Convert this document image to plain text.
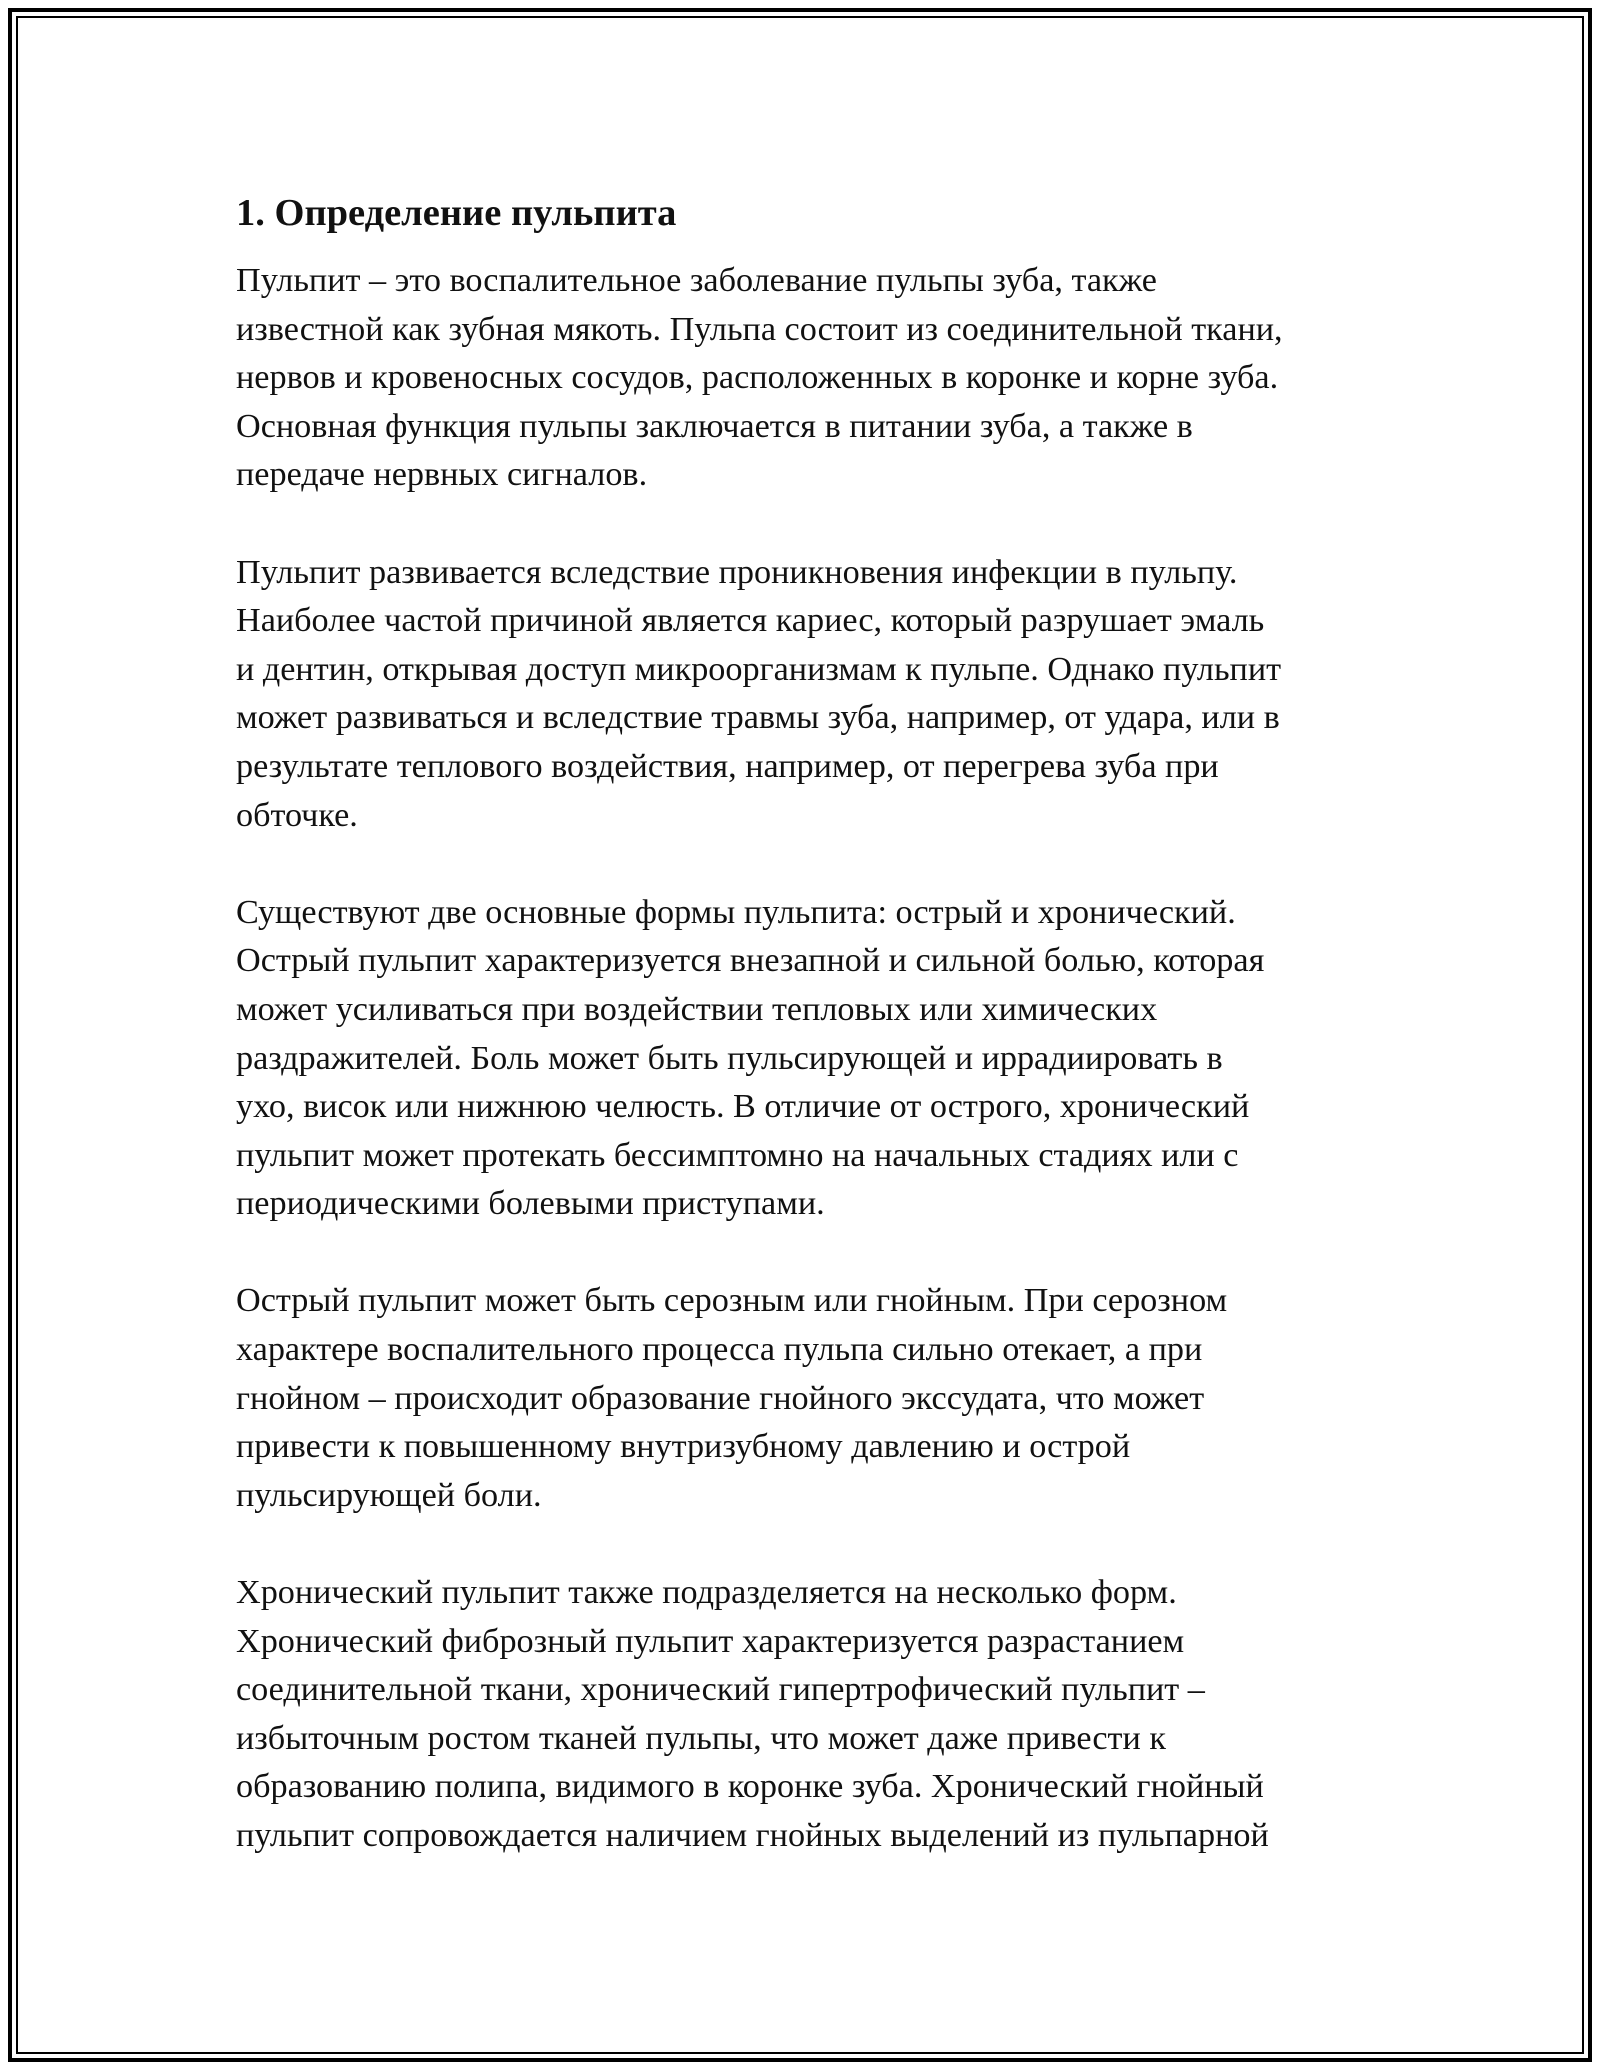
1. Определение пульпита

Пульпит – это воспалительное заболевание пульпы зуба, также
известной как зубная мякоть. Пульпа состоит из соединительной ткани,
нервов и кровеносных сосудов, расположенных в коронке и корне зуба.
Основная функция пульпы заключается в питании зуба, а также в
передаче нервных сигналов.

Пульпит развивается вследствие проникновения инфекции в пульпу.
Наиболее частой причиной является кариес, который разрушает эмаль
и дентин, открывая доступ микроорганизмам к пульпе. Однако пульпит
может развиваться и вследствие травмы зуба, например, от удара, или в
результате теплового воздействия, например, от перегрева зуба при
обточке.

Существуют две основные формы пульпита: острый и хронический.
Острый пульпит характеризуется внезапной и сильной болью, которая
может усиливаться при воздействии тепловых или химических
раздражителей. Боль может быть пульсирующей и иррадиировать в
ухо, висок или нижнюю челюсть. В отличие от острого, хронический
пульпит может протекать бессимптомно на начальных стадиях или с
периодическими болевыми приступами.

Острый пульпит может быть серозным или гнойным. При серозном
характере воспалительного процесса пульпа сильно отекает, а при
гнойном – происходит образование гнойного экссудата, что может
привести к повышенному внутризубному давлению и острой
пульсирующей боли.

Хронический пульпит также подразделяется на несколько форм.
Хронический фиброзный пульпит характеризуется разрастанием
соединительной ткани, хронический гипертрофический пульпит –
избыточным ростом тканей пульпы, что может даже привести к
образованию полипа, видимого в коронке зуба. Хронический гнойный
пульпит сопровождается наличием гнойных выделений из пульпарной
